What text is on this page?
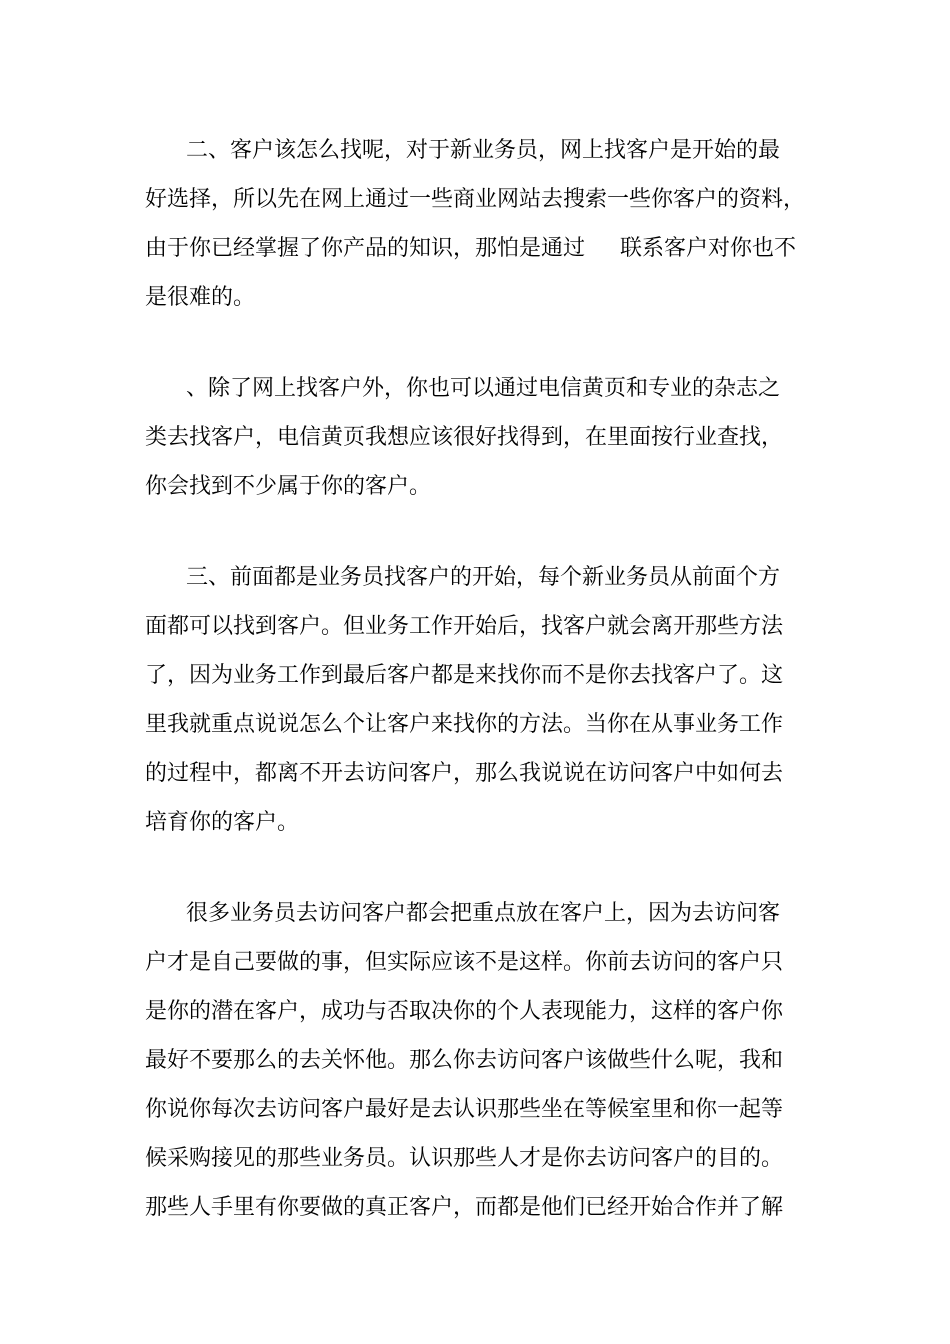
二、客户该怎么找呢，对于新业务员，网上找客户是开始的最
好选择，所以先在网上通过一些商业网站去搜索一些你客户的资料，
由于你已经掌握了你产品的知识，那怕是通过     联系客户对你也不
是很难的。
、除了网上找客户外，你也可以通过电信黄页和专业的杂志之
类去找客户，电信黄页我想应该很好找得到，在里面按行业查找，
你会找到不少属于你的客户。
三、前面都是业务员找客户的开始，每个新业务员从前面个方
面都可以找到客户。但业务工作开始后，找客户就会离开那些方法
了，因为业务工作到最后客户都是来找你而不是你去找客户了。这
里我就重点说说怎么个让客户来找你的方法。当你在从事业务工作
的过程中，都离不开去访问客户，那么我说说在访问客户中如何去
培育你的客户。
很多业务员去访问客户都会把重点放在客户上，因为去访问客
户才是自己要做的事，但实际应该不是这样。你前去访问的客户只
是你的潜在客户，成功与否取决你的个人表现能力，这样的客户你
最好不要那么的去关怀他。那么你去访问客户该做些什么呢，我和
你说你每次去访问客户最好是去认识那些坐在等候室里和你一起等
候采购接见的那些业务员。认识那些人才是你去访问客户的目的。
那些人手里有你要做的真正客户，而都是他们已经开始合作并了解
